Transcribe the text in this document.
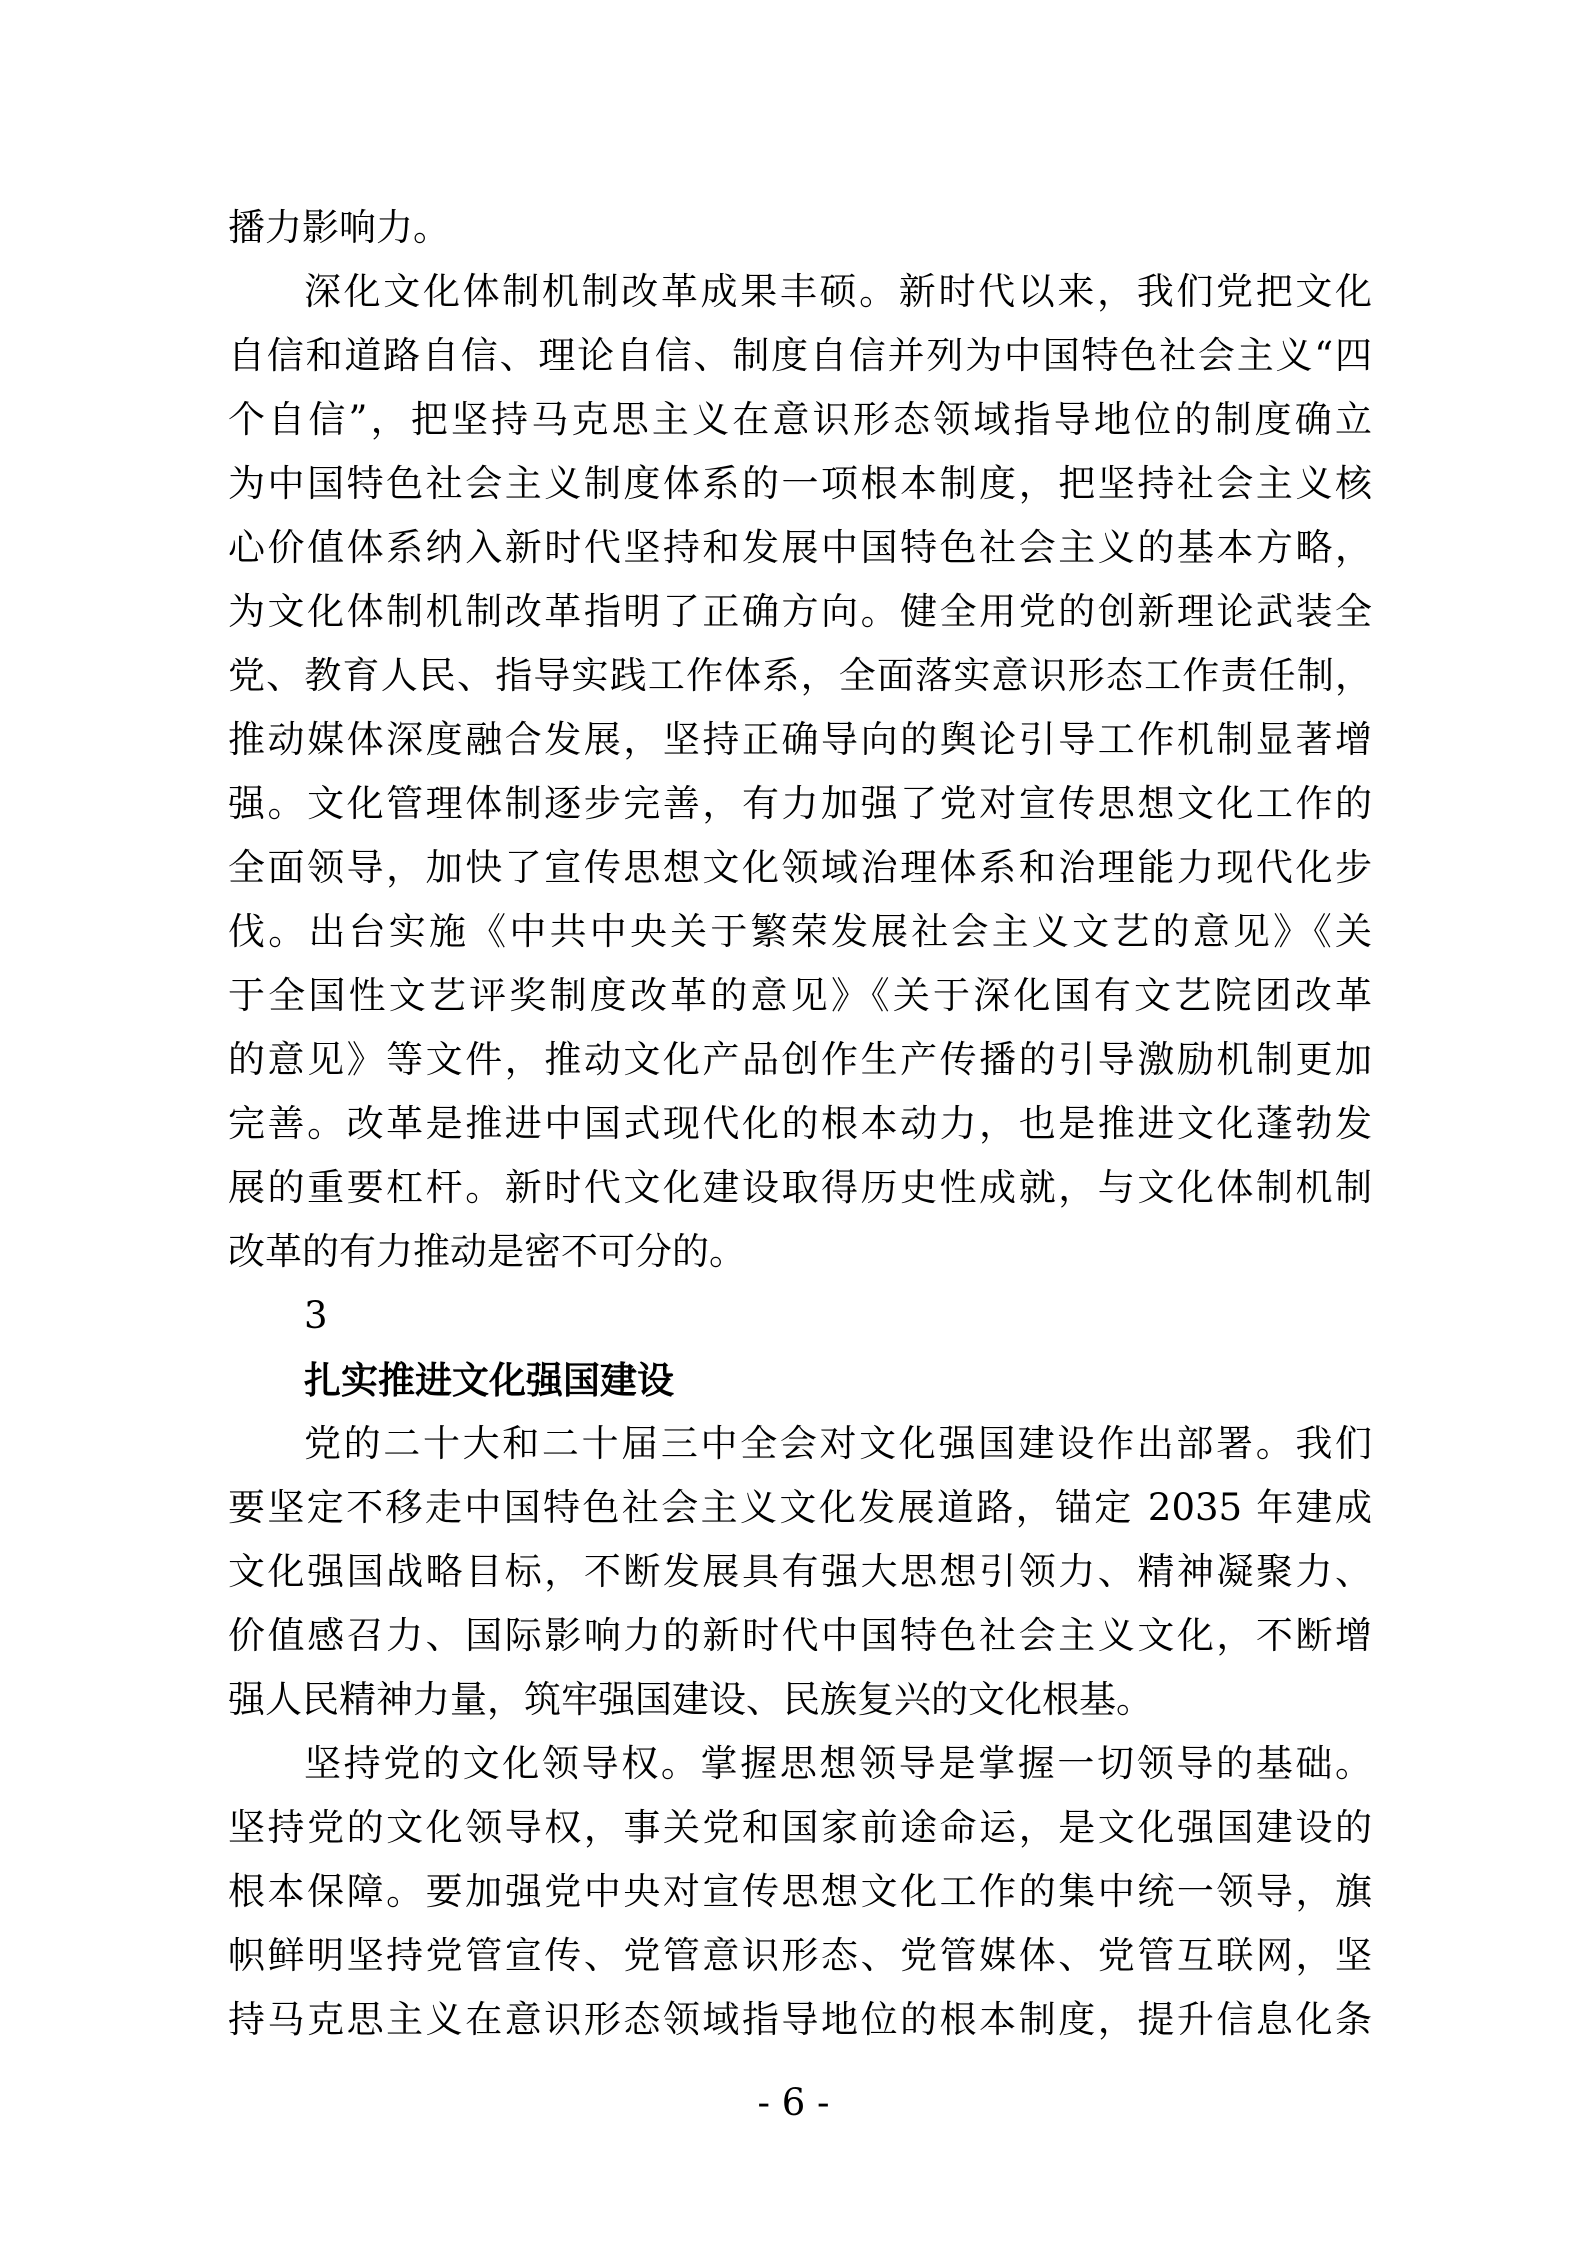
播力影响力。
深化文化体制机制改革成果丰硕。新时代以来，我们党把文化
自信和道路自信、理论自信、制度自信并列为中国特色社会主义“四
个自信”，把坚持马克思主义在意识形态领域指导地位的制度确立
为中国特色社会主义制度体系的一项根本制度，把坚持社会主义核
心价值体系纳入新时代坚持和发展中国特色社会主义的基本方略，
为文化体制机制改革指明了正确方向。健全用党的创新理论武装全
党、教育人民、指导实践工作体系，全面落实意识形态工作责任制，
推动媒体深度融合发展，坚持正确导向的舆论引导工作机制显著增
强。文化管理体制逐步完善，有力加强了党对宣传思想文化工作的
全面领导，加快了宣传思想文化领域治理体系和治理能力现代化步
伐。出台实施《中共中央关于繁荣发展社会主义文艺的意见》《关
于全国性文艺评奖制度改革的意见》《关于深化国有文艺院团改革
的意见》等文件，推动文化产品创作生产传播的引导激励机制更加
完善。改革是推进中国式现代化的根本动力，也是推进文化蓬勃发
展的重要杠杆。新时代文化建设取得历史性成就，与文化体制机制
改革的有力推动是密不可分的。
3
扎实推进文化强国建设
党的二十大和二十届三中全会对文化强国建设作出部署。我们
要坚定不移走中国特色社会主义文化发展道路，锚定 2035 年建成
文化强国战略目标，不断发展具有强大思想引领力、精神凝聚力、
价值感召力、国际影响力的新时代中国特色社会主义文化，不断增
强人民精神力量，筑牢强国建设、民族复兴的文化根基。
坚持党的文化领导权。掌握思想领导是掌握一切领导的基础。
坚持党的文化领导权，事关党和国家前途命运，是文化强国建设的
根本保障。要加强党中央对宣传思想文化工作的集中统一领导，旗
帜鲜明坚持党管宣传、党管意识形态、党管媒体、党管互联网，坚
持马克思主义在意识形态领域指导地位的根本制度，提升信息化条
- 6 -
